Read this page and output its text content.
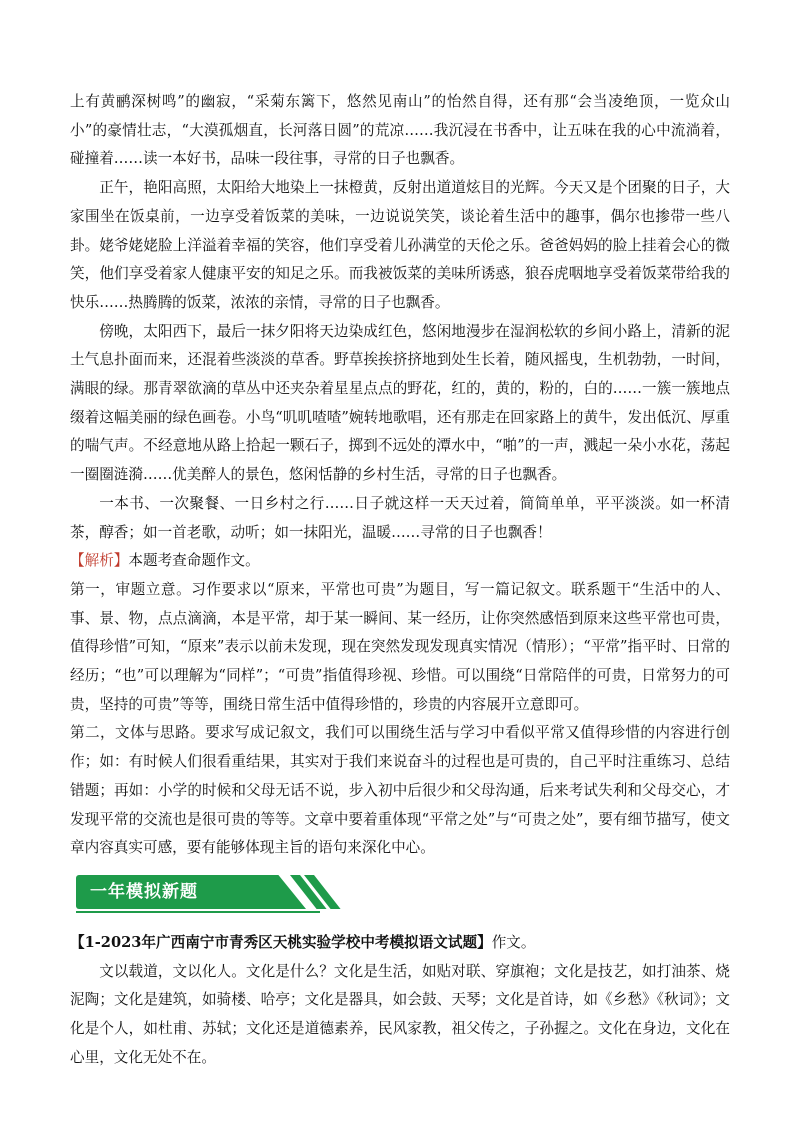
上有黄鹂深树鸣”的幽寂，“采菊东篱下，悠然见南山”的怡然自得，还有那“会当凌绝顶，一览众山小”的豪情壮志，“大漠孤烟直，长河落日圆”的荒凉……我沉浸在书香中，让五味在我的心中流淌着，碰撞着……读一本好书，品味一段往事，寻常的日子也飘香。

正午，艳阳高照，太阳给大地染上一抹橙黄，反射出道道炫目的光辉。今天又是个团聚的日子，大家围坐在饭桌前，一边享受着饭菜的美味，一边说说笑笑，谈论着生活中的趣事，偶尔也掺带一些八卦。姥爷姥姥脸上洋溢着幸福的笑容，他们享受着儿孙满堂的天伦之乐。爸爸妈妈的脸上挂着会心的微笑，他们享受着家人健康平安的知足之乐。而我被饭菜的美味所诱惑，狼吞虎咽地享受着饭菜带给我的快乐……热腾腾的饭菜，浓浓的亲情，寻常的日子也飘香。

傍晚，太阳西下，最后一抹夕阳将天边染成红色，悠闲地漫步在湿润松软的乡间小路上，清新的泥土气息扑面而来，还混着些淡淡的草香。野草挨挨挤挤地到处生长着，随风摇曳，生机勃勃，一时间，满眼的绿。那青翠欲滴的草丛中还夹杂着星星点点的野花，红的，黄的，粉的，白的……一簇一簇地点缀着这幅美丽的绿色画卷。小鸟“叽叽喳喳”婉转地歌唱，还有那走在回家路上的黄牛，发出低沉、厚重的喘气声。不经意地从路上拾起一颗石子，掷到不远处的潭水中，“啪”的一声，溅起一朵小水花，荡起一圈圈涟漪……优美醉人的景色，悠闲恬静的乡村生活，寻常的日子也飘香。

一本书、一次聚餐、一日乡村之行……日子就这样一天天过着，简简单单，平平淡淡。如一杯清茶，醇香；如一首老歌，动听；如一抹阳光，温暖……寻常的日子也飘香！

【解析】本题考查命题作文。

第一，审题立意。习作要求以“原来，平常也可贵”为题目，写一篇记叙文。联系题干“生活中的人、事、景、物，点点滴滴，本是平常，却于某一瞬间、某一经历，让你突然感悟到原来这些平常也可贵，值得珍惜”可知，“原来”表示以前未发现，现在突然发现发现真实情况（情形）；“平常”指平时、日常的经历；“也”可以理解为“同样”；“可贵”指值得珍视、珍惜。可以围绕“日常陪伴的可贵，日常努力的可贵，坚持的可贵”等等，围绕日常生活中值得珍惜的，珍贵的内容展开立意即可。

第二，文体与思路。要求写成记叙文，我们可以围绕生活与学习中看似平常又值得珍惜的内容进行创作；如：有时候人们很看重结果，其实对于我们来说奋斗的过程也是可贵的，自己平时注重练习、总结错题；再如：小学的时候和父母无话不说，步入初中后很少和父母沟通，后来考试失利和父母交心，才发现平常的交流也是很可贵的等等。文章中要着重体现“平常之处”与“可贵之处”，要有细节描写，使文章内容真实可感，要有能够体现主旨的语句来深化中心。

一年模拟新题

【1-2023年广西南宁市青秀区天桃实验学校中考模拟语文试题】作文。

文以载道，文以化人。文化是什么？文化是生活，如贴对联、穿旗袍；文化是技艺，如打油茶、烧泥陶；文化是建筑，如骑楼、哈亭；文化是器具，如会鼓、天琴；文化是首诗，如《乡愁》《秋词》；文化是个人，如杜甫、苏轼；文化还是道德素养，民风家教，祖父传之，子孙握之。文化在身边，文化在心里，文化无处不在。
